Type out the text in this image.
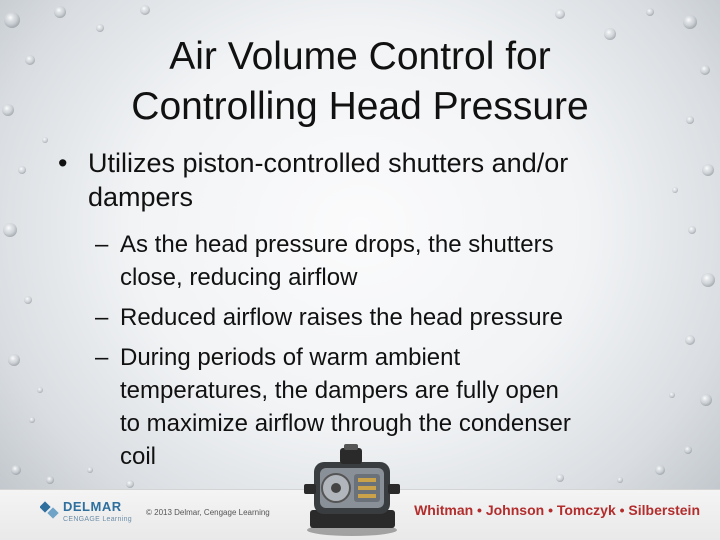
Air Volume Control for
Controlling Head Pressure
• Utilizes piston-controlled shutters and/or
dampers
– As the head pressure drops, the shutters
close, reducing airflow
– Reduced airflow raises the head pressure
– During periods of warm ambient
temperatures, the dampers are fully open
to maximize airflow through the condenser
coil
DELMAR
CENGAGE Learning
© 2013 Delmar, Cengage Learning	Whitman • Johnson • Tomczyk • Silberstein
